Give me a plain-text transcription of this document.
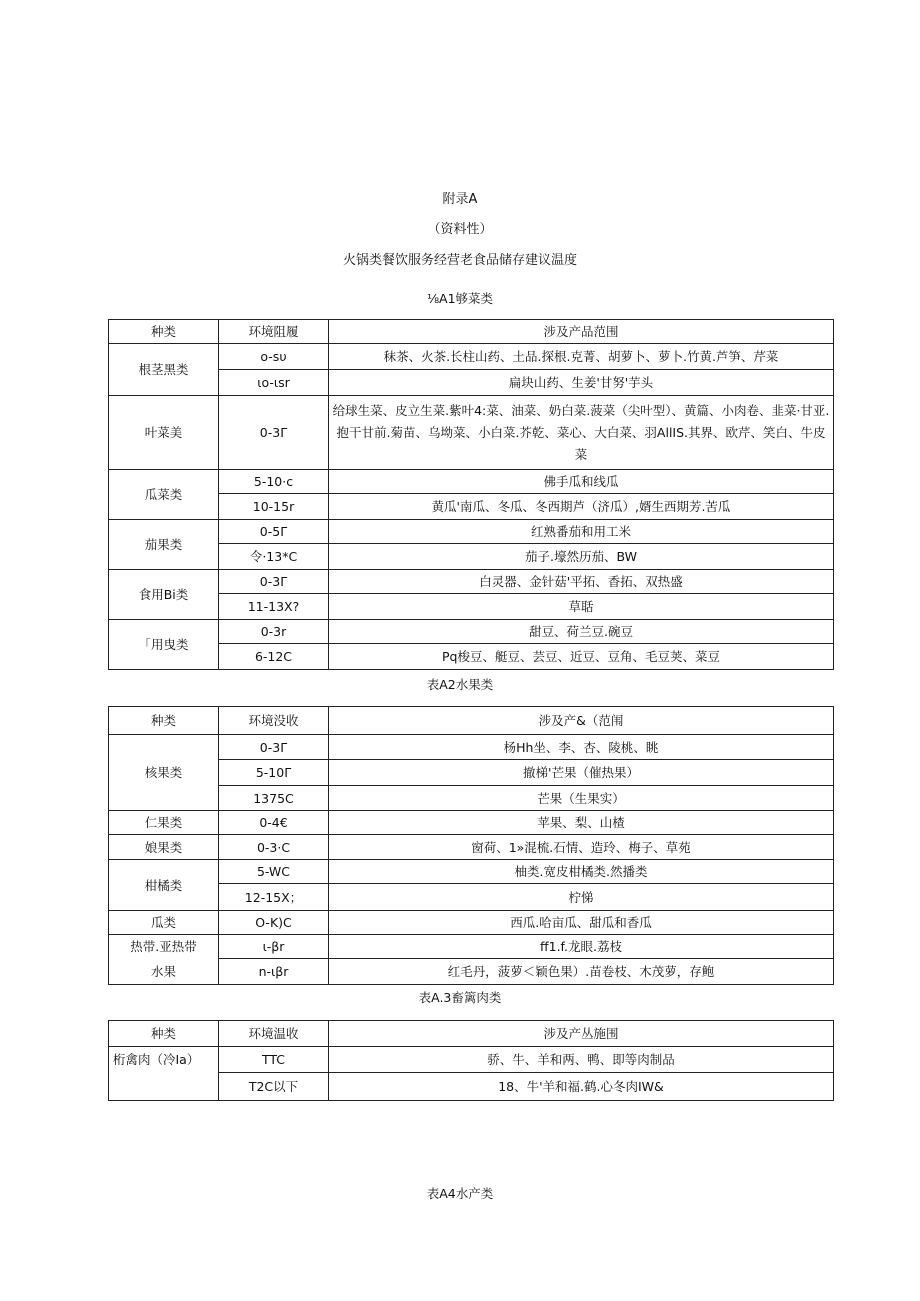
附录A
（资料性）
火锅类餐饮服务经营老食品储存建议温度
⅛A1够菜类
种类	环境阻履	涉及产品范围
根茎黑类	o-sυ	秣茶、火茶.长柱山药、土品.探根.克菁、胡萝卜、萝卜.竹黄.芦笋、芹菜
	ιo-ιsr	扁块山药、生姜'甘努'芋头
叶菜美	0-3Γ	给球生菜、皮立生菜.紫叶4:菜、油菜、奶白菜.菠菜（尖叶型）、黄篇、小肉卷、韭菜·甘亚.抱干甘前.菊苗、乌坳菜、小白菜.芥乾、菜心、大白菜、羽AllIS.其界、欧芹、笑白、牛皮菜
瓜菜类	5-10·c	佛手瓜和线瓜
	10-15r	黄瓜'南瓜、冬瓜、冬西期芦（济瓜）,婿生西期芳.苦瓜
茄果类	0-5Γ	红熟番茄和用工米
	令·13*C	茄子.壕然历茄、BW
食用Bi类	0-3Γ	白灵器、金针菇'平拓、香拓、双热盛
	11-13X?	草聒
「用曳类	0-3r	甜豆、荷兰豆.碗豆
	6-12C	Pq梭豆、艇豆、芸豆、近豆、豆角、毛豆荚、菜豆
表A2水果类
种类	环境没收	涉及产&（范闱
核果类	0-3Γ	杨Hh坐、李、杏、陵桃、眺
	5-10Γ	撤梯'芒果（催热果）
	1375C	芒果（生果实）
仁果类	0-4€	苹果、梨、山楂
娘果类	0-3·C	窗荷、1»混梳.石情、造玲、梅子、草苑
柑橘类	5-WC	柚类.宽皮柑橘类.然播类
	12-15X；	柠悌
瓜类	O-K)C	西瓜.哈亩瓜、甜瓜和香瓜
热带.亚热带	ι-βr	ff1.f.龙眼.荔枝
水果	n-ιβr	红毛丹，菠萝＜颖色果）.苗卷枝、木茂萝，存鲍
表A.3畜篱肉类
种类	环境温收	涉及产丛施围
桁禽肉（冷Ia）	TTC	骄、牛、羊和两、鸭、即等肉制品
	T2C以下	18、牛'羊和福.鹤.心冬肉IW&
表A4水产类
